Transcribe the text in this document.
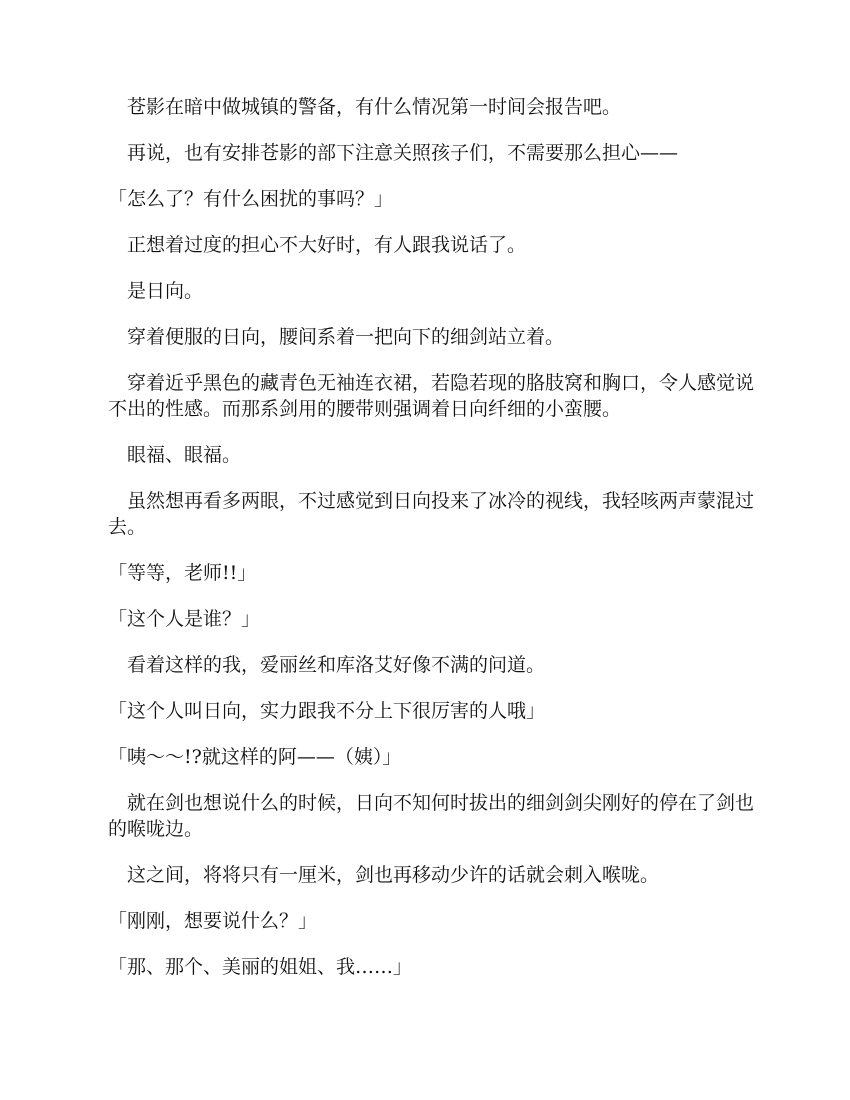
　苍影在暗中做城镇的警备，有什么情况第一时间会报告吧。

　再说，也有安排苍影的部下注意关照孩子们，不需要那么担心——

「怎么了？有什么困扰的事吗？」

　正想着过度的担心不大好时，有人跟我说话了。

　是日向。

　穿着便服的日向，腰间系着一把向下的细剑站立着。

　穿着近乎黑色的藏青色无袖连衣裙，若隐若现的胳肢窝和胸口，令人感觉说不出的性感。而那系剑用的腰带则强调着日向纤细的小蛮腰。

　眼福、眼福。

　虽然想再看多两眼，不过感觉到日向投来了冰冷的视线，我轻咳两声蒙混过去。

「等等，老师!!」

「这个人是谁？」

　看着这样的我，爱丽丝和库洛艾好像不满的问道。

「这个人叫日向，实力跟我不分上下很厉害的人哦」

「咦～～!?就这样的阿——（姨）」

　就在剑也想说什么的时候，日向不知何时拔出的细剑剑尖刚好的停在了剑也的喉咙边。

　这之间，将将只有一厘米，剑也再移动少许的话就会刺入喉咙。

「刚刚，想要说什么？」

「那、那个、美丽的姐姐、我……」
